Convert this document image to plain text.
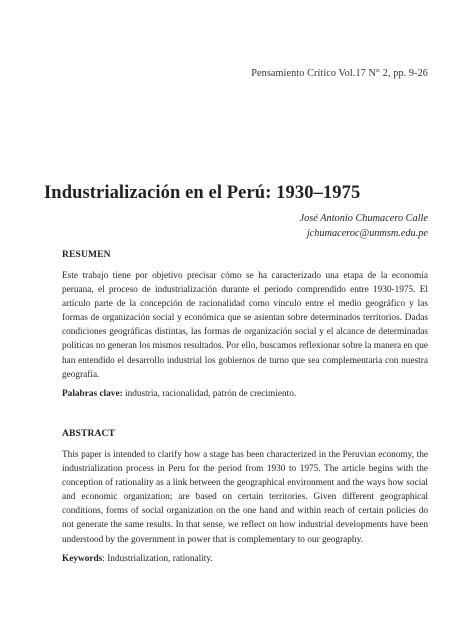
Pensamiento Crítico Vol.17 N° 2, pp. 9-26
Industrialización en el Perú: 1930–1975
José Antonio Chumacero Calle
jchumaceroc@unmsm.edu.pe
RESUMEN

Este trabajo tiene por objetivo precisar cómo se ha caracterizado una etapa de la economía peruana, el proceso de industrialización durante el periodo comprendido entre 1930-1975. El artículo parte de la concepción de racionalidad como vínculo entre el medio geográfico y las formas de organización social y económica que se asientan sobre determinados territorios. Dadas condiciones geográficas distintas, las formas de organización social y el alcance de determinadas políticas no generan los mismos resultados. Por ello, buscamos reflexionar sobre la manera en que han entendido el desarrollo industrial los gobiernos de turno que sea complementaria con nuestra geografía.

Palabras clave: industria, racionalidad, patrón de crecimiento.
ABSTRACT

This paper is intended to clarify how a stage has been characterized in the Peruvian economy, the industrialization process in Peru for the period from 1930 to 1975. The article begins with the conception of rationality as a link between the geographical environment and the ways how social and economic organization; are based on certain territories. Given different geographical conditions, forms of social organization on the one hand and within reach of certain policies do not generate the same results. In that sense, we reflect on how industrial developments have been understood by the government in power that is complementary to our geography.

Keywords: Industrialization, rationality.
